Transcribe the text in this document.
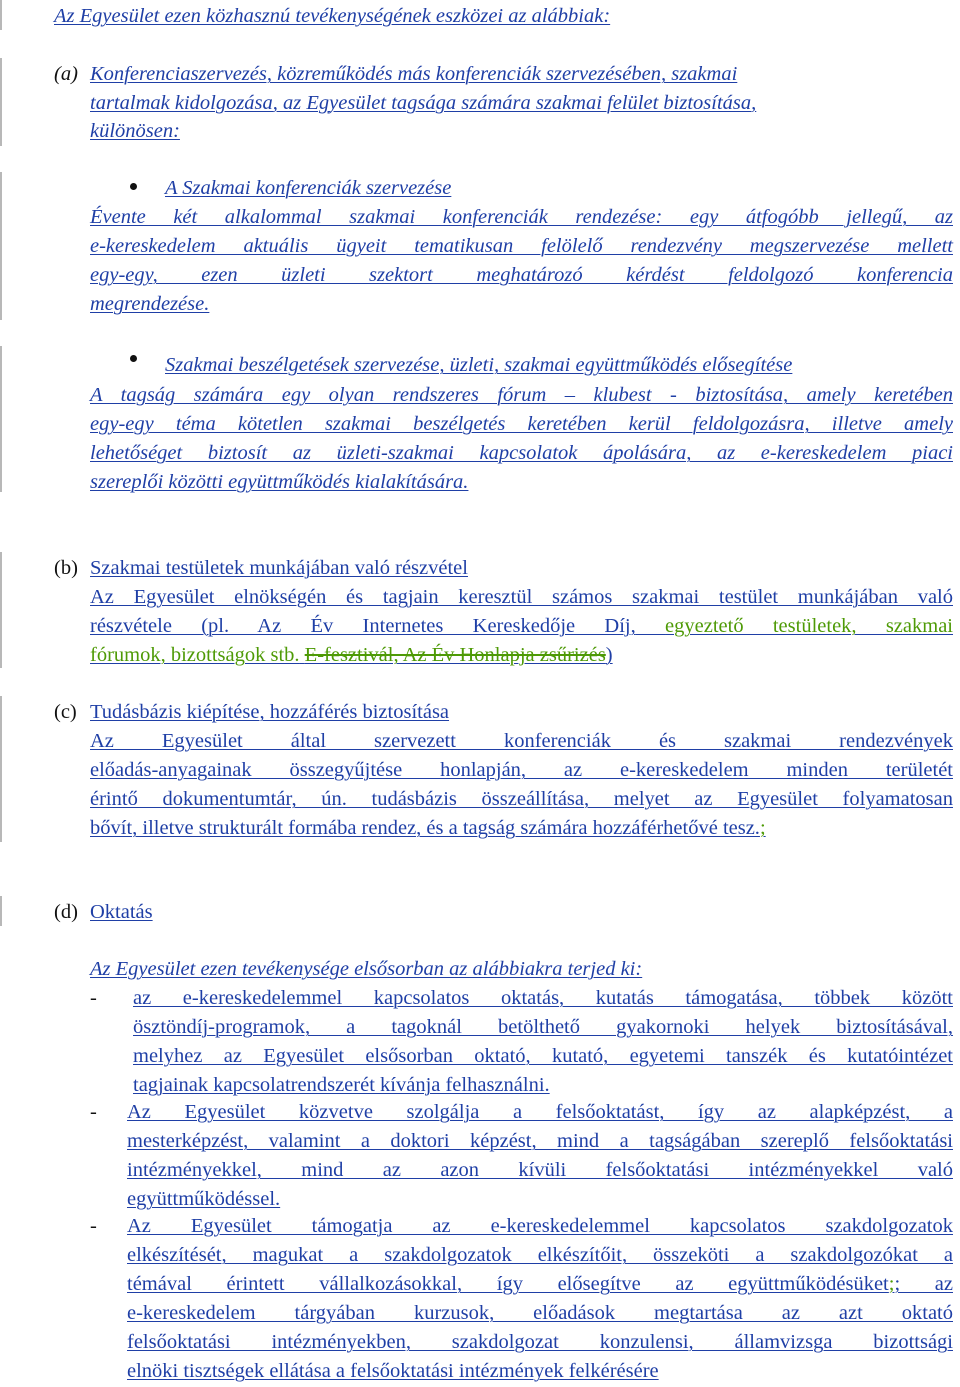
Az Egyesület ezen közhasznú tevékenységének eszközei az alábbiak:
(a) Konferenciaszervezés, közreműködés más konferenciák szervezésében, szakmai
tartalmak kidolgozása, az Egyesület tagsága számára szakmai felület biztosítása,
különösen:
A Szakmai konferenciák szervezése
Évente két alkalommal szakmai konferenciák rendezése: egy átfogóbb jellegű, az
e-kereskedelem aktuális ügyeit tematikusan felölelő rendezvény megszervezése mellett
egy-egy, ezen üzleti szektort meghatározó kérdést feldolgozó konferencia
megrendezése.
Szakmai beszélgetések szervezése, üzleti, szakmai együttműködés elősegítése
A tagság számára egy olyan rendszeres fórum – klubest - biztosítása, amely keretében
egy-egy téma kötetlen szakmai beszélgetés keretében kerül feldolgozásra, illetve amely
lehetőséget biztosít az üzleti-szakmai kapcsolatok ápolására, az e-kereskedelem piaci
szereplői közötti együttműködés kialakítására.
(b) Szakmai testületek munkájában való részvétel
Az Egyesület elnökségén és tagjain keresztül számos szakmai testület munkájában való
részvétele (pl. Az Év Internetes Kereskedője Díj, egyeztető testületek, szakmai
fórumok, bizottságok stb. E-fesztivál, Az Év Honlapja zsűrizés)
(c) Tudásbázis kiépítése, hozzáférés biztosítása
Az Egyesület által szervezett konferenciák és szakmai rendezvények
előadás-anyagainak összegyűjtése honlapján, az e-kereskedelem minden területét
érintő dokumentumtár, ún. tudásbázis összeállítása, melyet az Egyesület folyamatosan
bővít, illetve strukturált formába rendez, és a tagság számára hozzáférhetővé tesz.;
(d) Oktatás
Az Egyesület ezen tevékenysége elsősorban az alábbiakra terjed ki:
- az e-kereskedelemmel kapcsolatos oktatás, kutatás támogatása, többek között
ösztöndíj-programok, a tagoknál betölthető gyakornoki helyek biztosításával,
melyhez az Egyesület elsősorban oktató, kutató, egyetemi tanszék és kutatóintézet
tagjainak kapcsolatrendszerét kívánja felhasználni.
- Az Egyesület közvetve szolgálja a felsőoktatást, így az alapképzést, a
mesterképzést, valamint a doktori képzést, mind a tagságában szereplő felsőoktatási
intézményekkel, mind az azon kívüli felsőoktatási intézményekkel való
együttműködéssel.
- Az Egyesület támogatja az e-kereskedelemmel kapcsolatos szakdolgozatok
elkészítését, magukat a szakdolgozatok elkészítőit, összeköti a szakdolgozókat a
témával érintett vállalkozásokkal, így elősegítve az együttműködésüket;; az
e-kereskedelem tárgyában kurzusok, előadások megtartása az azt oktató
felsőoktatási intézményekben, szakdolgozat konzulensi, államvizsga bizottsági
elnöki tisztségek ellátása a felsőoktatási intézmények felkérésére
